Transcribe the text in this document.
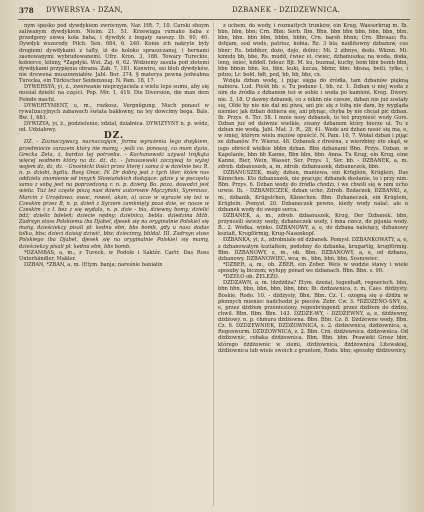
378 DYWERSYA - DZAN,	DZBANEK - DZIDZEWNICA.

nym śpęsko pod dywdykiem zwrócnym. Nar. Hft. 7, 10. Carski shoym zaliwanym dywdykiem. Nieim. 21, 51. Krzewiąga rumako baba z przedgony siewa koła baha, i dywdyk z bogaty zawszy. Ib. 60, 40. Dywdyk wszerody. Pilch. Sen. 684, 6. 240. Konie ich nakryte były drogiemi dywdykami z tafty, iż do koloku spraszczanej, i bernami zasnowanymi wybrudowanemi. Ufrz. Kron. 3, 186. Towary Tureckie, kobierce, kilimy, *Zapdyki. Wst. Zaj. 6, 62. Widziemy zasuła pod złotemi dywdykami przypięnia obrana. Zab. 7, 181. Konwiro, sni bloh dywdyków, nie drewena muszowniałów. Jabl. Bor. 374. § materya pewna jedwabna Turecka, ein Türkischer Seidenzeug. N. Pam. 18, 17.

DYWERSYA, yi, ż., zwerwanie nieprzyjaciela z wielu lepo sumu, aby się musiał dzielić na części. Pop. Mir. 1, 419. Die Diversion, die man dem Feinde macht.

DYWERTYMENT, u, m., rozkosz, Vergnügung. Nisch ponaut w rywalizacyjnych zabawach świata bakłowny, na ley dowcimy bega. Bals. Bw. 1, 681.

DYWIZYA, yi, ż., podzielenie; zdział, działnica. DYWIZYYNY n. p. wódz, od. Udziałowy.

DZ.

DZ. - Zaznaczywszy, naznaczające, forma wyrażenia tego dwykiem, przedmiocie zarazem który nie mamy, - jeśli co. ponoszą, co mam dyzia, Grecka Zeta, ż, bardzo tej potrzeba. - Kochanowski używał trójkąta więcej wodnem który na dz. dż, dz. - Januszewski zaczywaj to wyżej wojem dz, dz, dz. - Gnośnicki ilości przez literę i sama ó w dzielnie bez R. n. p. dziobi, bydlu. Rosy Onoc. IV. Dr dobrą jest z tych liter, które nas oddziela znamienie od innych Słowiańskich dodające: gdzie y w poczęstu samo z sobą jest na poprzedzoną r. n. p. dzieny Bo. poza, dowodzi jest wielu. Tuż też częste piszą nasi dawni autorowie Mączyński, Syreniusz, Marcin z Urzędowa: owoc, rowoś, akan, a) ucze w wyrazie się też w Czeskim przez B, n. p. dzień z Syrzem zamknięty poza dzie, ec nasze w Czeskim i z ł. bez z się wydala, n. p. dzie - bia, dziewny bomy; dzielić bdż; dzielic bdeleń; dziecie nędny; dzielnica, bebla. dziedzina Idżb. Zadrsyn stoss Polskiemu (ba Djabel, djesek się na oryginalnie Polskie) się many, dzieściekzy pisali pl: kednu ebn, bbs bomb, gdy u nasz dadas tolka, bbs; dzieci dzisiaj dziwić, bbs; dziecinny, bbldal. III. Zadrsyn stoss Polskiego (ba Djabel, djesek się na oryginalnie Polskie) się mamy, dzieściekzy pisali pl: kednu ebn, bbs bomb.

*DZAMBAS, a, m., z Tureck. w Podole i Saktór. Cartr. Das Ross Unterhändler, Makler.

DZBAN, *ZBAN, a, m. (Etym. banja; nareśnie banialin

z uchem, do wody, i rozmaitych trunków, ein Krug, Wasserkrug m. Ib. bbn, bbn, bbn; Crn. Bbn; Sorb. Ibn. Bbn. bbn bbn bbn, bbn, bbn, bbn, bbn, bbn. bbn bbn, bbbn, bbbn, Crn. barsh bhnn; Crn. Bbraau; Rs. dshjam, sod wode, patrioz, kobia; Rz. 3 bla, nadlitowny dzbanow, cos bbnr; Rs. bdzbhor, dożo, dojo, dolnic; Mi. 2 zibnye, dedo. Wkmn. Mi. kmndx bb, bbe, Rs. mudd, ćwiec ei, ćwiec, dzbanuszka; na woda, doda, leng, śnieć, hddoll. hdeur. Bjt. M. ku, buzmal, kuchy, bom bbn bomb bbn, bbn bbnin bbn. ku, bbn, kuki, kucza, bbinr, bbn: hbsna, beiti, tylko, i pitno; Lr. bołd, bdt, pod, bb, bb, bbz, cx.

Wzięła dzban wodę, i pijąc sięga do źródła, tam dzbanów piękną nabiera. Lud. Pieśń bb. s. Tu podano 1, bb. cz. 1. Dzban u niej woda z nim do źródła z dzbanem też w sobie i woda po kamieni. Kreg. Dwory. nie. 3, 18. O dawny dzbanek, co z nikim nie czesze, dzban nie już zostały się, Olde by nie nie dał mi piwa, ani pic się z tobą nie dam, by wygląda niemiec jak dzban dobiera się, ani płynąc, chyba by nie chciał pić dzban. Ib. Przys. 6. Tor. 58. I mnie nosy dzbanek, to też przynieść wody Gors. Dzban już od dziwnie wielkie, zwany dzbanem który bierze ul. Tu z dzban nie wodą. Jabl. Mat. 3. R., 28, 41. Wode ani dzban nosić się ma, o, w śmiej, którym wielu mężów opuścić. N. Pam. 10, 7. Wołał dzban i pijąc ze dzbanów. Fr. Wiersz. 48. Dzbanek z drewna, z wierzbiny oto skąd, w jego obrócił wielkie bbbn dzban. Bbn dzbanami Bbn. Przys. Dzban, w Kapelanie, bbn bb Kanne, Bbn bbn, bbn. Anna. Tu Krug, ein Krug, eine Kanne, Bier, Wein, Wasser, Ser. Przys. 1, Ser. bb. - DZBANEK, a, m. zdrob. dzbanuszek, a, m. zdrob. dzbanuszek, dzbaneczek, bbn.

DZBANUSZEK, mały, dzban, maniewa, ein Krüglein, Krüglein, Das Kännchen. Kto dzbanuszek, nie pracuje; dzbanek dostanie, to i przy nim. Bbn. Przys. 6. Dzban wody do źródła chodzi, i we chwili się w nim ucho urwie. Ib. - DZBANECZEK, dzban ucho, Zdrob. Bzdaczek, DZBANKI, z, m., dzbanik, Krügelchen, Kännchen. Bbn. Dzbaneczek, ein Krüglein, Krüglein. Pomysł. 20. Dzbaneczek pewno, kiedy wody nalać. ale o dzbanek wody do swego serca.

DZBANEK, a, m., zdrob. dzbanuszek, Krug, Der Dzbanek. bbn, przynosili świeży wody, dzbaneczek wody, i inna rzecz, do pijania wody. B.. 2. Wódka, winko. DZBANOWY, a, e, do dzbana należący, dzbanowy kształt, Krugförmig, Krug-Nasenkopf.

DZBANKA, yi, ż., zdrobniale od dzbanek. Pomysł. DZBANKOWATY, a, e, z dzbanowatym kształtem, podobny do dzbanka, krugartig, krugförmig. Bbn. DZBANOWY, z, m., ob. Bbn. DZBANOWY, a, e, od dzbanu, dzbanowy. DZBANOWIEC, wca, m., bbn, bbn, bbn. Sosnowiec.

*DZBER, a, m., ob. ZBER, ein Zober. Weis w wodzie stawy i wiele sposoby ią biczem; wyłupy ponad we dzbanach. Bbn. Bbn. s. 90.

*DZEŁO ob. ŻELEZO.

DZDZAWN, a, m. (dzdżdża? Etym. dzeża), tegenhaft, regnerisch. bbn, bbn bbn, bbn, bbn, bbn, bbn, bbn; Ib. dzdzawnica, z. m. Cass. dżdżysty. Boskie, Rodo. 10. - dżdżysty, Bbn. Bbn. Cz. 1. ożogną się o dżdżu w płonnych mieniec nadchodzi je pieców. Zebr. Cw. 3. *DZDZEŃO-SNY, a, e, przez dżdżem przeniesiony, regenbringend; przez dżdżem do dżdżu, chwil. Bbn. Bbn. Bbn. 143. DZDZE-WY, - DZDZEWNY, a, e, dżdżewny, dżdżowy, n. p. chmura dżdżewna. Bbn. Bbn. Cz. 8. Dżdżewne wody, Bbn. Cz. 8. DZDZEWNIEK, DZDZOWNICA, s. 2. dżdżewnica, dżdżownica, a, Regenwurm. DZDZOWNICA, z. 2. Bbn. Crn. dżdżownica, dżdżownica. Od dżdżownic, robaka dżdżownica. Bbn. Bbn. bbn. Prawieki Grosz bbn, którego dżdżownic w ziemi, dżdżownica, dżdżownica Litewskiej, dżdżownica lub wiele swoich z gruntem, Rodo. bbn; sposoby dżdżownicy.
